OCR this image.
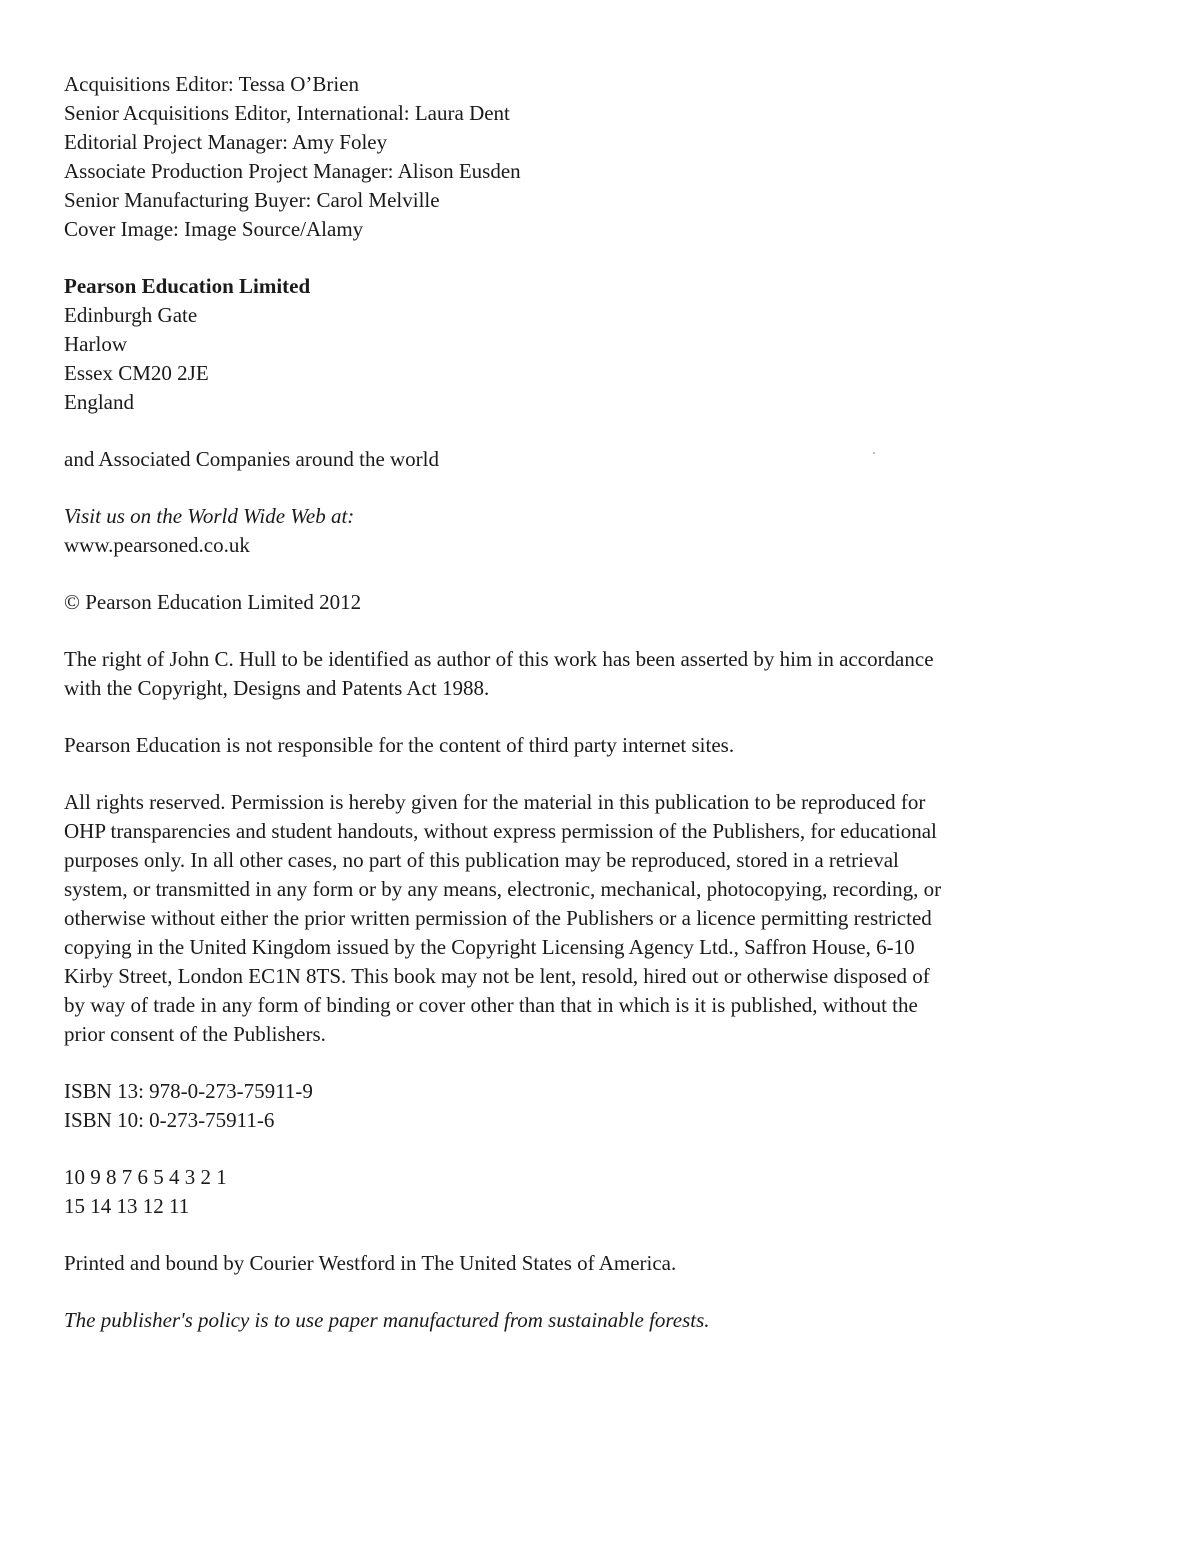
Acquisitions Editor: Tessa O’Brien
Senior Acquisitions Editor, International: Laura Dent
Editorial Project Manager: Amy Foley
Associate Production Project Manager: Alison Eusden
Senior Manufacturing Buyer: Carol Melville
Cover Image: Image Source/Alamy
Pearson Education Limited
Edinburgh Gate
Harlow
Essex CM20 2JE
England
and Associated Companies around the world
Visit us on the World Wide Web at:
www.pearsoned.co.uk
© Pearson Education Limited 2012
The right of John C. Hull to be identified as author of this work has been asserted by him in accordance
with the Copyright, Designs and Patents Act 1988.
Pearson Education is not responsible for the content of third party internet sites.
All rights reserved. Permission is hereby given for the material in this publication to be reproduced for
OHP transparencies and student handouts, without express permission of the Publishers, for educational
purposes only. In all other cases, no part of this publication may be reproduced, stored in a retrieval
system, or transmitted in any form or by any means, electronic, mechanical, photocopying, recording, or
otherwise without either the prior written permission of the Publishers or a licence permitting restricted
copying in the United Kingdom issued by the Copyright Licensing Agency Ltd., Saffron House, 6-10
Kirby Street, London EC1N 8TS. This book may not be lent, resold, hired out or otherwise disposed of
by way of trade in any form of binding or cover other than that in which is it is published, without the
prior consent of the Publishers.
ISBN 13: 978-0-273-75911-9
ISBN 10: 0-273-75911-6
10 9 8 7 6 5 4 3 2 1
15 14 13 12 11
Printed and bound by Courier Westford in The United States of America.
The publisher's policy is to use paper manufactured from sustainable forests.
